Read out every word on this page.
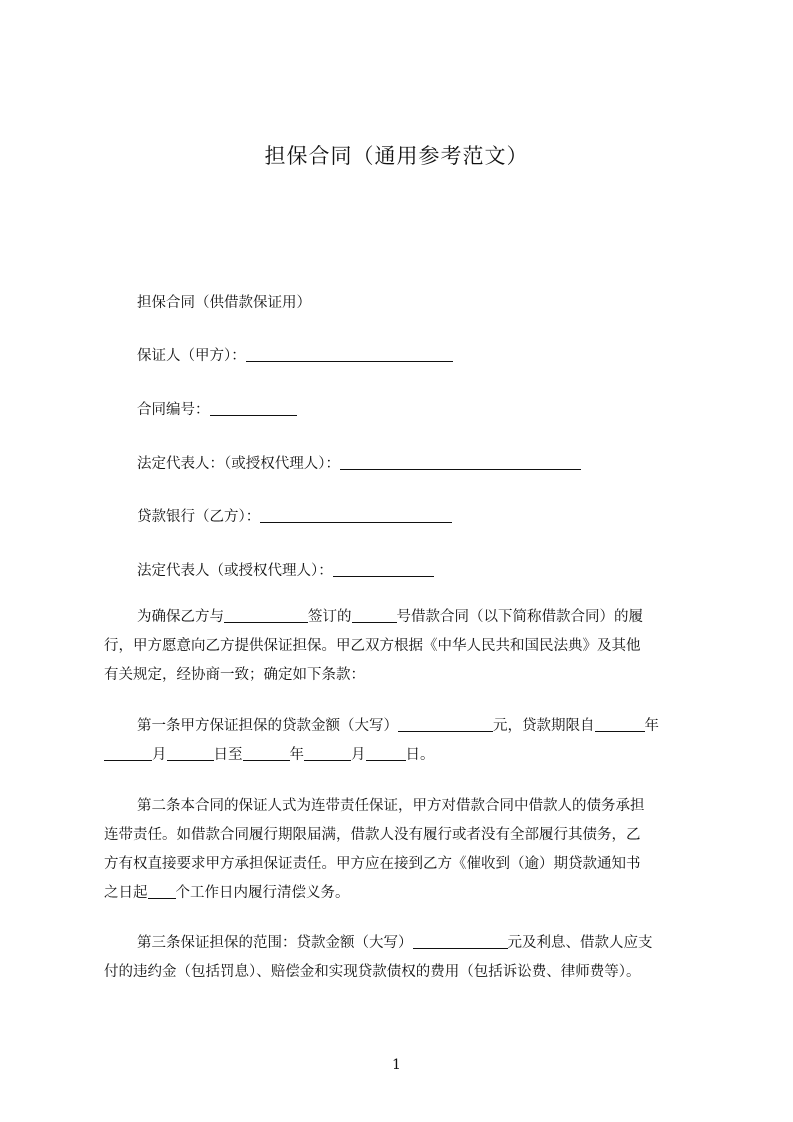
担保合同（通用参考范文）

担保合同（供借款保证用）

保证人（甲方）：

合同编号：

法定代表人：（或授权代理人）：

贷款银行（乙方）：

法定代表人（或授权代理人）：

为确保乙方与	签订的	号借款合同（以下简称借款合同）的履
行，甲方愿意向乙方提供保证担保。甲乙双方根据《中华人民共和国民法典》及其他
有关规定，经协商一致；确定如下条款：
第一条甲方保证担保的贷款金额（大写）	元，贷款期限自	年
月	日至	年	月	日。
第二条本合同的保证人式为连带责任保证，甲方对借款合同中借款人的债务承担
连带责任。如借款合同履行期限届满，借款人没有履行或者没有全部履行其债务，乙
方有权直接要求甲方承担保证责任。甲方应在接到乙方《催收到（逾）期贷款通知书
之日起 个工作日内履行清偿义务。
第三条保证担保的范围：贷款金额（大写）	元及利息、借款人应支
付的违约金（包括罚息）、赔偿金和实现贷款债权的费用（包括诉讼费、律师费等）。
1
